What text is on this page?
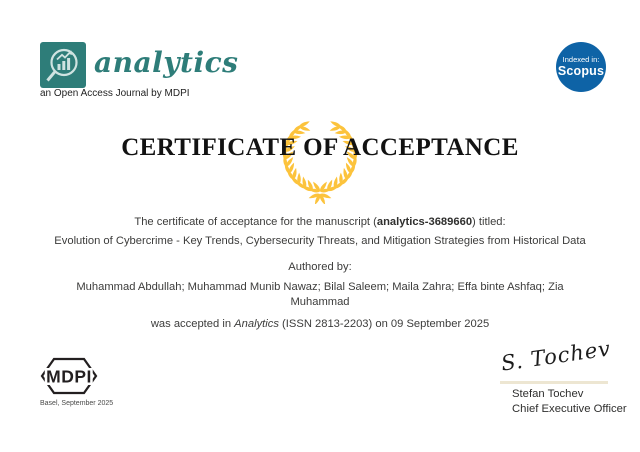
analytics
an Open Access Journal by MDPI
Indexed in:
Scopus
CERTIFICATE OF ACCEPTANCE

The certificate of acceptance for the manuscript (analytics-3689660) titled:

Evolution of Cybercrime - Key Trends, Cybersecurity Threats, and Mitigation Strategies from Historical Data

Authored by:

Muhammad Abdullah; Muhammad Munib Nawaz; Bilal Saleem; Maila Zahra; Effa binte Ashfaq; Zia Muhammad

was accepted in Analytics (ISSN 2813-2203) on 09 September 2025

MDPI
Basel, September 2025
S. Tochev
Stefan Tochev
Chief Executive Officer
